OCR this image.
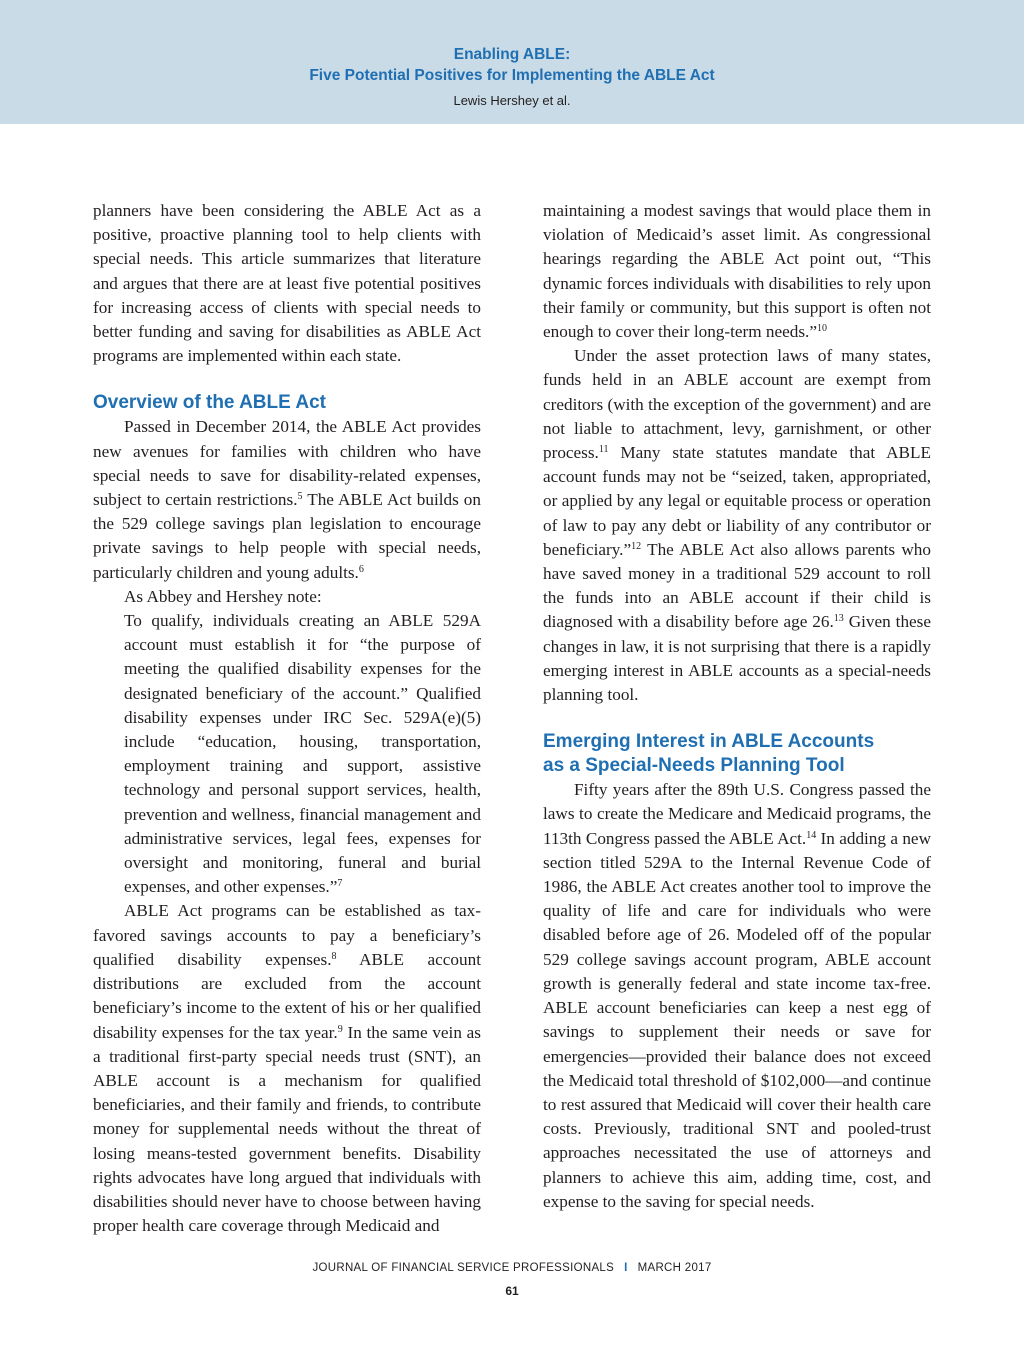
Enabling ABLE:
Five Potential Positives for Implementing the ABLE Act
Lewis Hershey et al.

planners have been considering the ABLE Act as a positive, proactive planning tool to help clients with special needs. This article summarizes that literature and argues that there are at least five potential positives for increasing access of clients with special needs to better funding and saving for disabilities as ABLE Act programs are implemented within each state.

Overview of the ABLE Act

Passed in December 2014, the ABLE Act provides new avenues for families with children who have special needs to save for disability-related expenses, subject to certain restrictions.$^5$ The ABLE Act builds on the 529 college savings plan legislation to encourage private savings to help people with special needs, particularly children and young adults.$^6$

As Abbey and Hershey note:

To qualify, individuals creating an ABLE 529A account must establish it for “the purpose of meeting the qualified disability expenses for the designated beneficiary of the account.” Qualified disability expenses under IRC Sec. 529A(e)(5) include “education, housing, transportation, employment training and support, assistive technology and personal support services, health, prevention and wellness, financial management and administrative services, legal fees, expenses for oversight and monitoring, funeral and burial expenses, and other expenses.”$^7$

ABLE Act programs can be established as tax-favored savings accounts to pay a beneficiary’s qualified disability expenses.$^8$ ABLE account distributions are excluded from the account beneficiary’s income to the extent of his or her qualified disability expenses for the tax year.$^9$ In the same vein as a traditional first-party special needs trust (SNT), an ABLE account is a mechanism for qualified beneficiaries, and their family and friends, to contribute money for supplemental needs without the threat of losing means-tested government benefits. Disability rights advocates have long argued that individuals with disabilities should never have to choose between having proper health care coverage through Medicaid and

maintaining a modest savings that would place them in violation of Medicaid’s asset limit. As congressional hearings regarding the ABLE Act point out, “This dynamic forces individuals with disabilities to rely upon their family or community, but this support is often not enough to cover their long-term needs.”$^{10}$

Under the asset protection laws of many states, funds held in an ABLE account are exempt from creditors (with the exception of the government) and are not liable to attachment, levy, garnishment, or other process.$^{11}$ Many state statutes mandate that ABLE account funds may not be “seized, taken, appropriated, or applied by any legal or equitable process or operation of law to pay any debt or liability of any contributor or beneficiary.”$^{12}$ The ABLE Act also allows parents who have saved money in a traditional 529 account to roll the funds into an ABLE account if their child is diagnosed with a disability before age 26.13 Given these changes in law, it is not surprising that there is a rapidly emerging interest in ABLE accounts as a special-needs planning tool.

Emerging Interest in ABLE Accounts
as a Special-Needs Planning Tool

Fifty years after the 89th U.S. Congress passed the laws to create the Medicare and Medicaid programs, the 113th Congress passed the ABLE Act.$^{14}$ In adding a new section titled 529A to the Internal Revenue Code of 1986, the ABLE Act creates another tool to improve the quality of life and care for individuals who were disabled before age of 26. Modeled off of the popular 529 college savings account program, ABLE account growth is generally federal and state income tax-free. ABLE account beneficiaries can keep a nest egg of savings to supplement their needs or save for emergencies—provided their balance does not exceed the Medicaid total threshold of $102,000—and continue to rest assured that Medicaid will cover their health care costs. Previously, traditional SNT and pooled-trust approaches necessitated the use of attorneys and planners to achieve this aim, adding time, cost, and expense to the saving for special needs.

JOURNAL OF FINANCIAL SERVICE PROFESSIONALS I MARCH 2017
61
